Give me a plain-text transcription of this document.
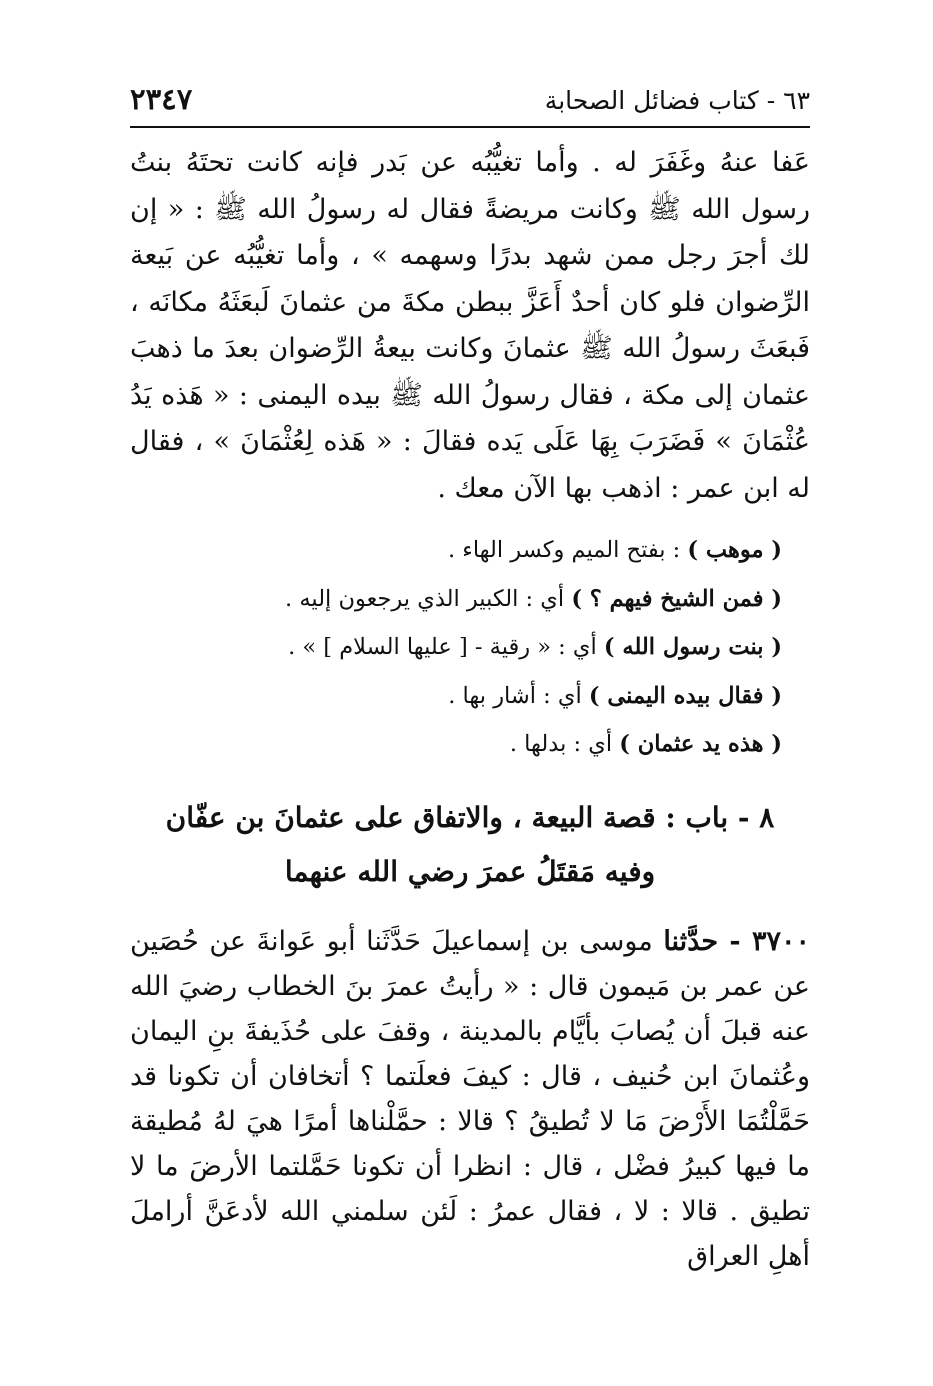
٦٣ - كتاب فضائل الصحابة
٢٣٤٧

عَفا عنهُ وغَفَرَ له . وأما تغيُّبُه عن بَدر فإنه كانت تحتَهُ بنتُ رسول الله ﷺ وكانت مريضةً فقال له رسولُ الله ﷺ : « إن لك أجرَ رجل ممن شهد بدرًا وسهمه » ، وأما تغيُّبُه عن بَيعة الرِّضوان فلو كان أحدٌ أَعَزَّ ببطن مكةَ من عثمانَ لَبعَثَهُ مكانَه ، فَبعَثَ رسولُ الله ﷺ عثمانَ وكانت بيعةُ الرِّضوان بعدَ ما ذهبَ عثمان إلى مكة ، فقال رسولُ الله ﷺ بيده اليمنى : « هَذه يَدُ عُثْمَانَ » فَضَرَبَ بِهَا عَلَى يَده فقالَ : « هَذه لِعُثْمَانَ » ، فقال له ابن عمر : اذهب بها الآن معك .

( موهب ) : بفتح الميم وكسر الهاء .
( فمن الشيخ فيهم ؟ ) أي : الكبير الذي يرجعون إليه .
( بنت رسول الله ) أي : « رقية - [ عليها السلام ] » .
( فقال بيده اليمنى ) أي : أشار بها .
( هذه يد عثمان ) أي : بدلها .
٨ - باب : قصة البيعة ، والاتفاق على عثمانَ بن عفّان
وفيه مَقتَلُ عمرَ رضي الله عنهما

٣٧٠٠ - حدَّثنا موسى بن إسماعيلَ حَدَّثَنا أبو عَوانةَ عن حُصَين عن عمر بن مَيمون قال : « رأيتُ عمرَ بنَ الخطاب رضيَ الله عنه قبلَ أن يُصابَ بأيَّام بالمدينة ، وقفَ على حُذَيفةَ بنِ اليمان وعُثمانَ ابن حُنيف ، قال : كيفَ فعلَتما ؟ أتخافان أن تكونا قد حَمَّلْتُمَا الأَرْضَ مَا لا تُطيقُ ؟ قالا : حمَّلْناها أمرًا هيَ لهُ مُطيقة ما فيها كبيرُ فضْل ، قال : انظرا أن تكونا حَمَّلتما الأرضَ ما لا تطيق . قالا : لا ، فقال عمرُ : لَئن سلمني الله لأدعَنَّ أراملَ أهلِ العراق
